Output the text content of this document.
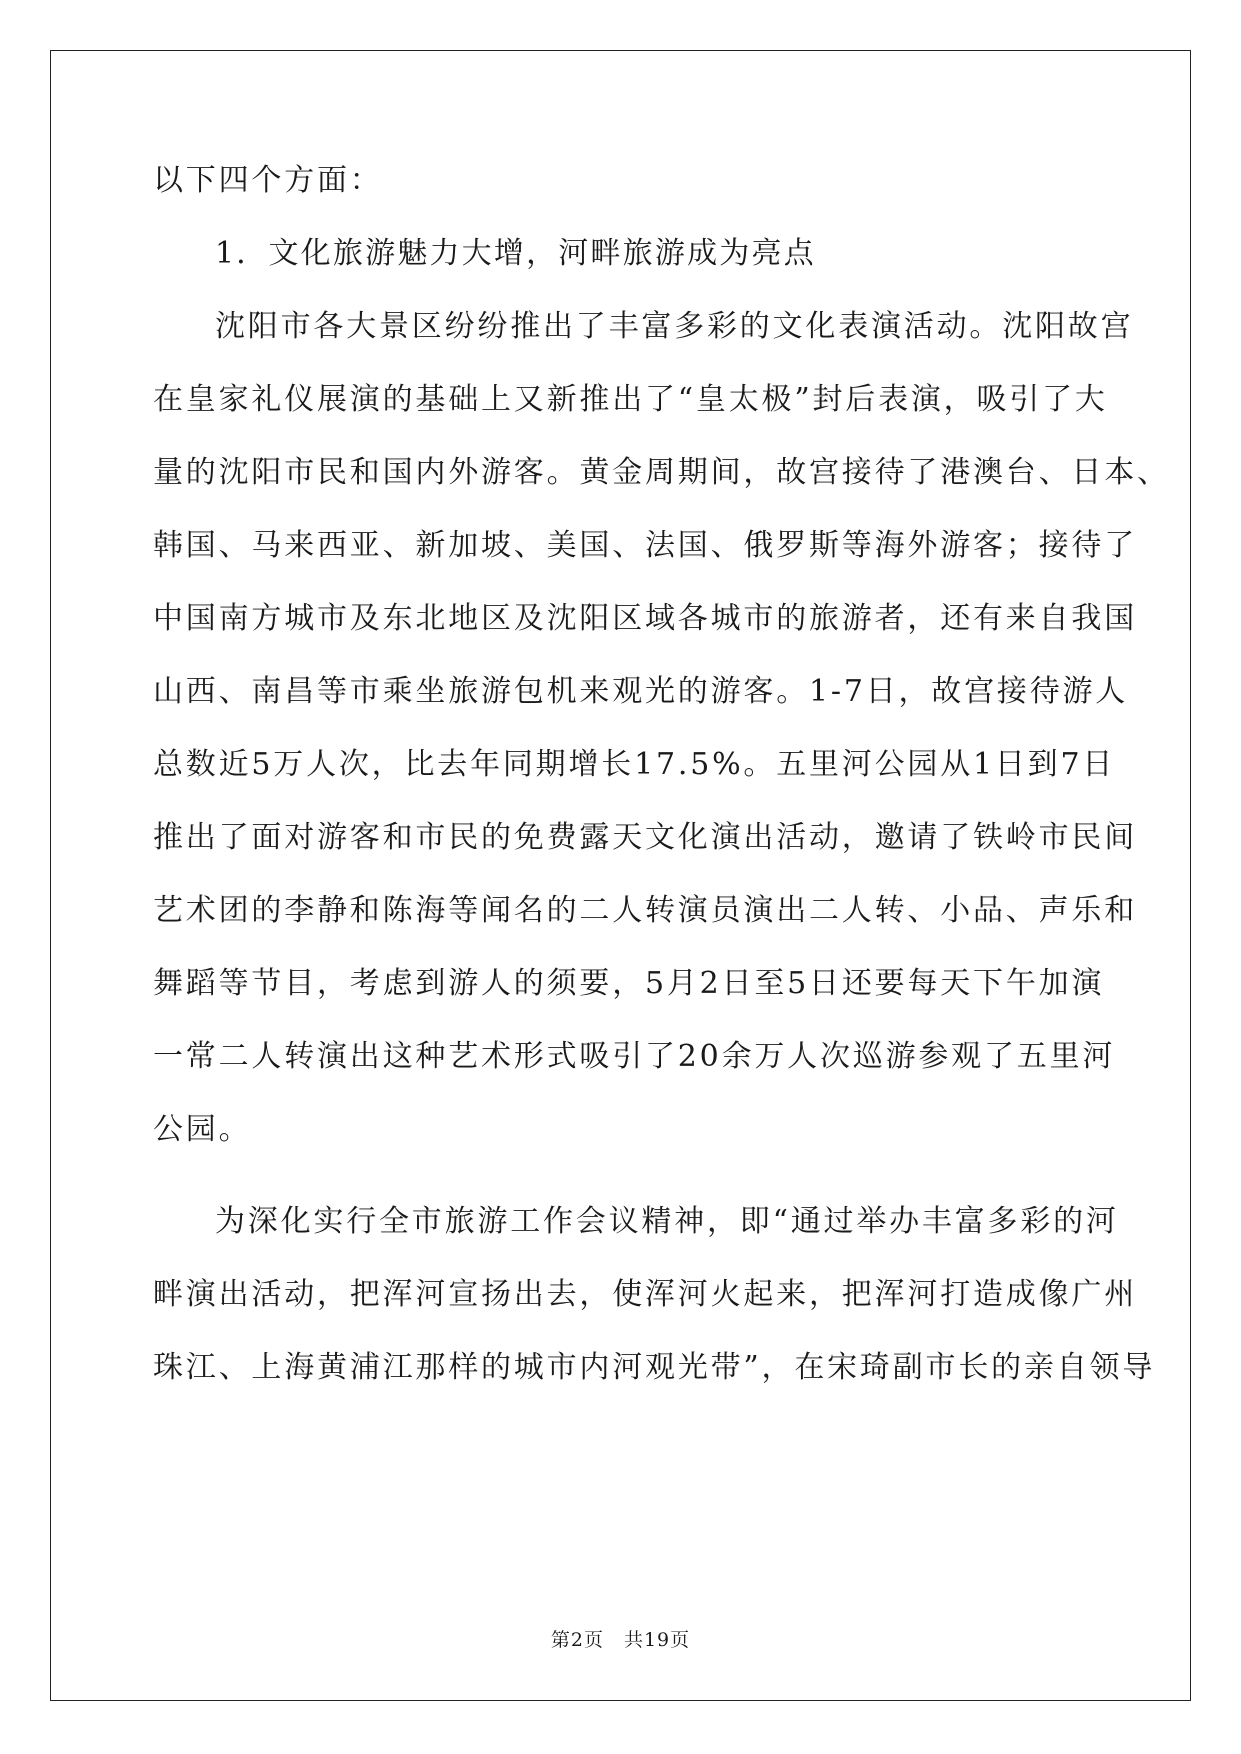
以下四个方面：
1．文化旅游魅力大增，河畔旅游成为亮点
沈阳市各大景区纷纷推出了丰富多彩的文化表演活动。沈阳故宫
在皇家礼仪展演的基础上又新推出了“皇太极”封后表演，吸引了大
量的沈阳市民和国内外游客。黄金周期间，故宫接待了港澳台、日本、
韩国、马来西亚、新加坡、美国、法国、俄罗斯等海外游客；接待了
中国南方城市及东北地区及沈阳区域各城市的旅游者，还有来自我国
山西、南昌等市乘坐旅游包机来观光的游客。1-7日，故宫接待游人
总数近5万人次，比去年同期增长17.5%。五里河公园从1日到7日
推出了面对游客和市民的免费露天文化演出活动，邀请了铁岭市民间
艺术团的李静和陈海等闻名的二人转演员演出二人转、小品、声乐和
舞蹈等节目，考虑到游人的须要，5月2日至5日还要每天下午加演
一常二人转演出这种艺术形式吸引了20余万人次巡游参观了五里河
公园。
为深化实行全市旅游工作会议精神，即“通过举办丰富多彩的河
畔演出活动，把浑河宣扬出去，使浑河火起来，把浑河打造成像广州
珠江、上海黄浦江那样的城市内河观光带”，在宋琦副市长的亲自领导
第2页　共19页
